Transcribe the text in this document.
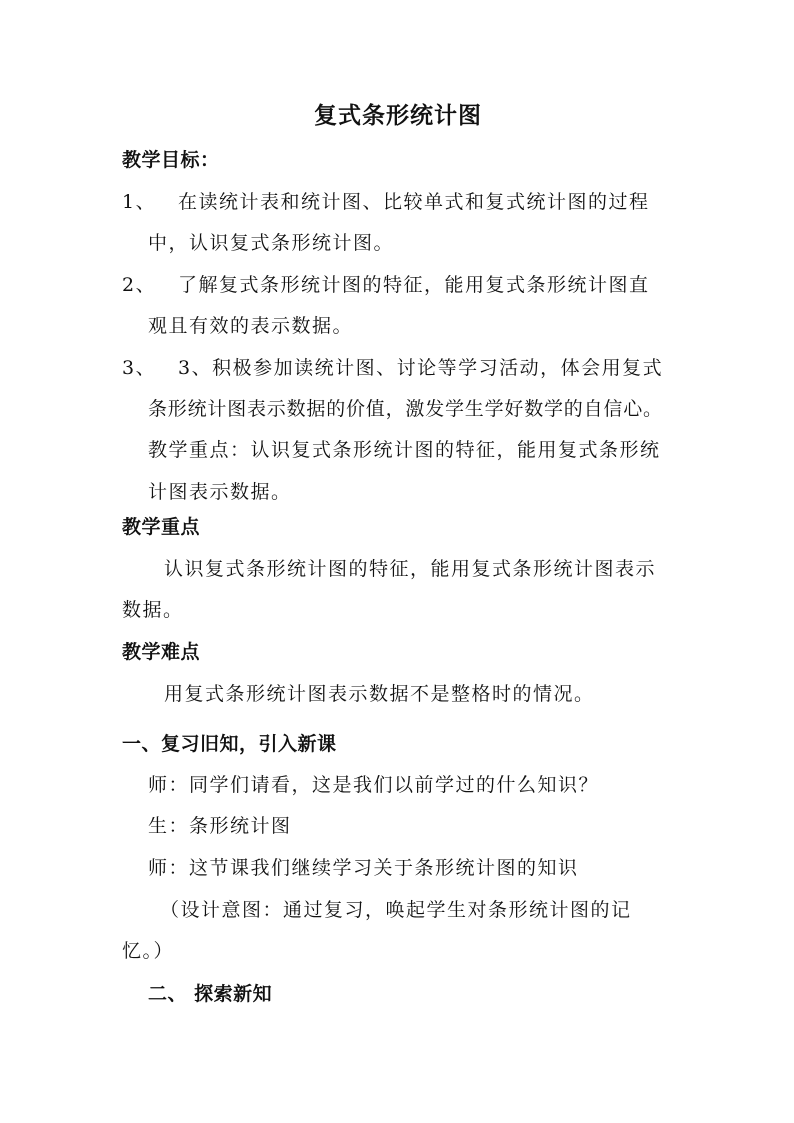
复式条形统计图
教学目标：
1、 在读统计表和统计图、比较单式和复式统计图的过程
中，认识复式条形统计图。
2、 了解复式条形统计图的特征，能用复式条形统计图直
观且有效的表示数据。
3、 3、积极参加读统计图、讨论等学习活动，体会用复式
条形统计图表示数据的价值，激发学生学好数学的自信心。
教学重点：认识复式条形统计图的特征，能用复式条形统
计图表示数据。
教学重点
认识复式条形统计图的特征，能用复式条形统计图表示
数据。
教学难点
用复式条形统计图表示数据不是整格时的情况。
一、复习旧知，引入新课
师：同学们请看，这是我们以前学过的什么知识？
生：条形统计图
师：这节课我们继续学习关于条形统计图的知识
（设计意图：通过复习，唤起学生对条形统计图的记
忆。）
二、 探索新知
